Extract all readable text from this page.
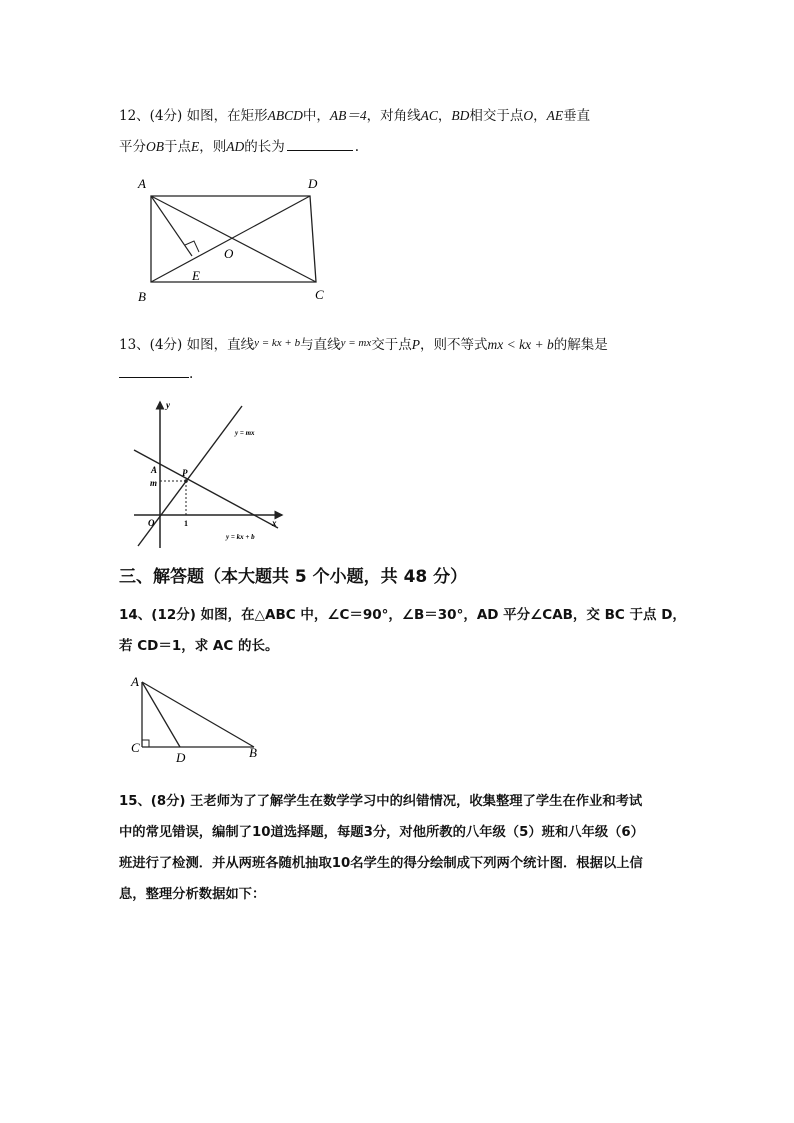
12、(4分) 如图，在矩形ABCD中，AB＝4，对角线AC，BD相交于点O，AE垂直
平分OB于点E，则AD的长为	.
A	D
B	C
O
E
13、(4分) 如图，直线$^{y = kx + b}$与直线$^{y = mx}$交于点P，则不等式mx < kx + b的解集是
.
y
x
A	P
m
O	1
y = mx
y = kx + b
三、解答题（本大题共 5 个小题，共 48 分）
14、(12分) 如图，在△ABC 中，∠C＝90°，∠B＝30°，AD 平分∠CAB，交 BC 于点 D，
若 CD＝1，求 AC 的长。
A
C
D	B
15、(8分) 王老师为了了解学生在数学学习中的纠错情况，收集整理了学生在作业和考试
中的常见错误，编制了10道选择题，每题3分，对他所教的八年级（5）班和八年级（6）
班进行了检测．并从两班各随机抽取10名学生的得分绘制成下列两个统计图．根据以上信
息，整理分析数据如下：
